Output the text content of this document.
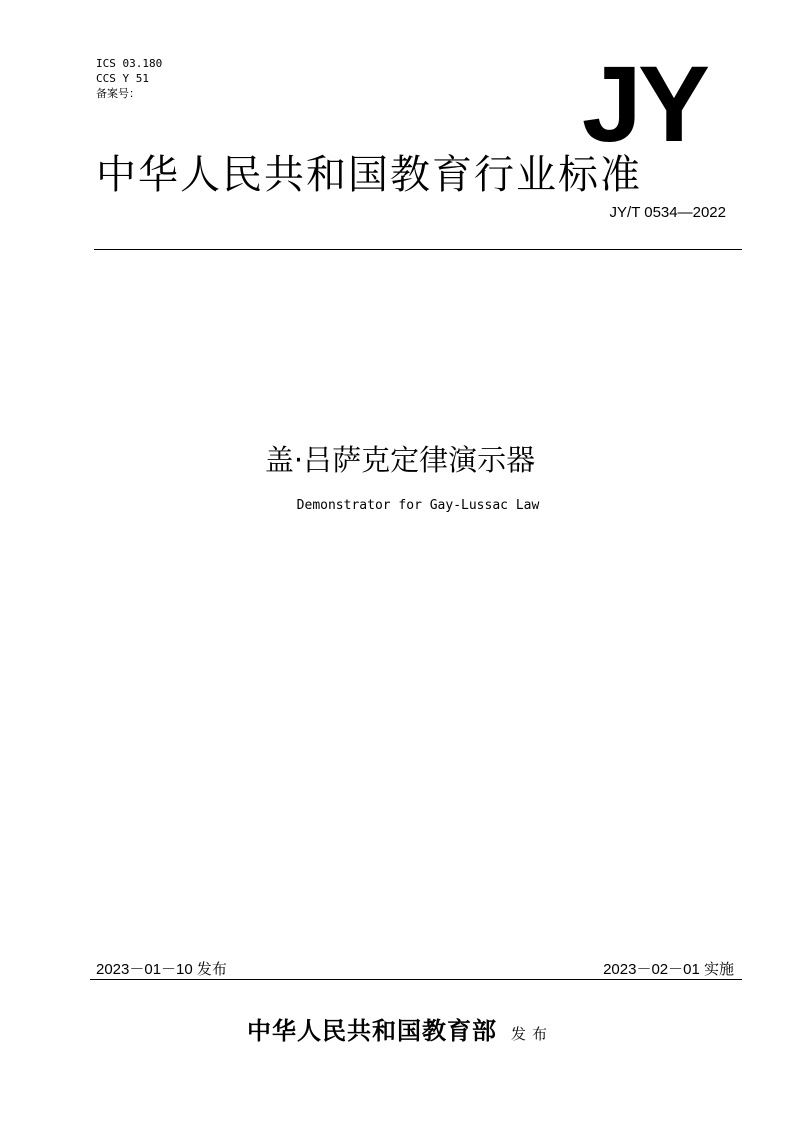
ICS 03.180
CCS Y 51
备案号：	JY
中华人民共和国教育行业标准
JY/T 0534—2022
盖·吕萨克定律演示器
Demonstrator for Gay-Lussac Law
2023－01－10 发布	2023－02－01 实施
中华人民共和国教育部 发布
